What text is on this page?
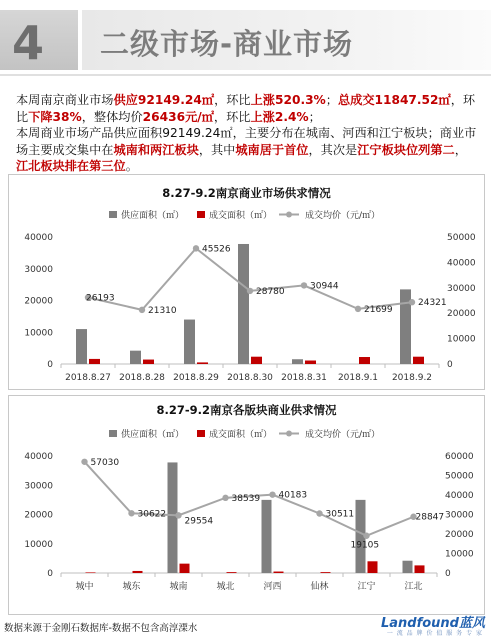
4 二级市场-商业市场

本周南京商业市场供应92149.24㎡，环比上涨520.3%；总成交11847.52㎡，环比下降38%，整体均价26436元/㎡，环比上涨2.4%；

本周商业市场产品供应面积92149.24㎡，主要分布在城南、河西和江宁板块；商业市场主要成交集中在城南和两江板块，其中城南居于首位，其次是江宁板块位列第二，江北板块排在第三位。

8.27-9.2南京商业市场供求情况
供应面积（㎡）	成交面积（㎡）	成交均价（元/㎡）
0
10000
20000
30000
40000
0
10000
20000
30000
40000
50000
2018.8.27 2018.8.28 2018.8.29 2018.8.30 2018.8.31 2018.9.1 2018.9.2
26193
21310
45526
28780
30944
21699
24321
8.27-9.2南京各版块商业供求情况
供应面积（㎡）	成交面积（㎡）	成交均价（元/㎡）
0
10000
20000
30000
40000
0
10000
20000
30000
40000
50000
60000
城中	城东	城南	城北	河西	仙林	江宁	江北
57030
30622
29554
38539 40183
30511
19105
28847
数据来源于金刚石数据库-数据不包含高淳溧水	Landfound蓝风
一 流 品 牌 价 值 服 务 专 家
